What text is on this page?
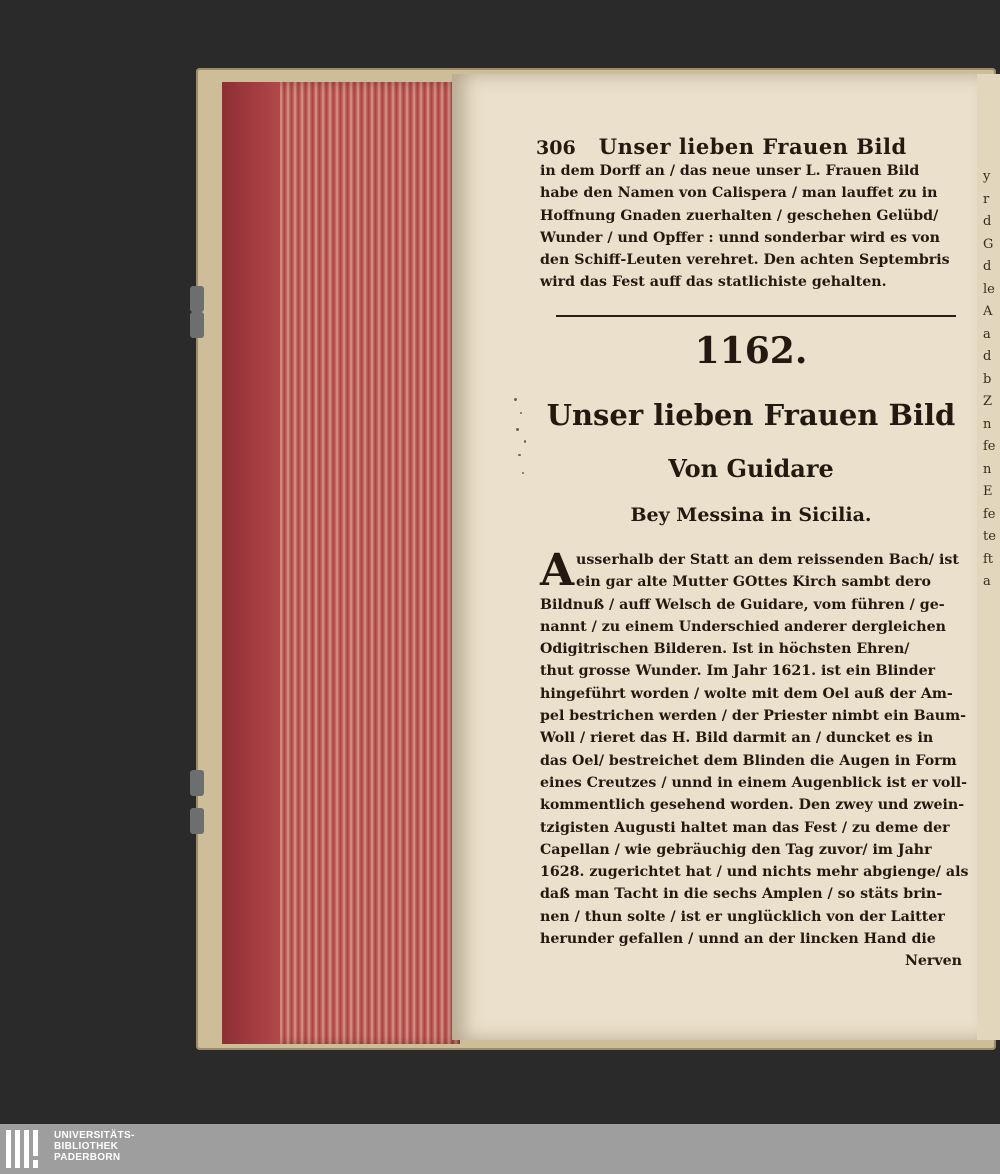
y
r
d
G
d
le
A
a
d
b
Z
n
fe
n
E
fe
te
ft
a
306 Unser lieben Frauen Bild
in dem Dorff an / das neue unser L. Frauen Bild
habe den Namen von Calispera / man lauffet zu in
Hoffnung Gnaden zuerhalten / geschehen Gelübd/
Wunder / und Opffer : unnd sonderbar wird es von
den Schiff-Leuten verehret. Den achten Septembris
wird das Fest auff das statlichiste gehalten.
1162.
Unser lieben Frauen Bild
Von Guidare
Bey Messina in Sicilia.
A usserhalb der Statt an dem reissenden Bach/ ist
ein gar alte Mutter GOttes Kirch sambt dero
Bildnuß / auff Welsch de Guidare, vom führen / ge-
nannt / zu einem Underschied anderer dergleichen
Odigitrischen Bilderen. Ist in höchsten Ehren/
thut grosse Wunder. Im Jahr 1621. ist ein Blinder
hingeführt worden / wolte mit dem Oel auß der Am-
pel bestrichen werden / der Priester nimbt ein Baum-
Woll / rieret das H. Bild darmit an / duncket es in
das Oel/ bestreichet dem Blinden die Augen in Form
eines Creutzes / unnd in einem Augenblick ist er voll-
kommentlich gesehend worden. Den zwey und zwein-
tzigisten Augusti haltet man das Fest / zu deme der
Capellan / wie gebräuchig den Tag zuvor/ im Jahr
1628. zugerichtet hat / und nichts mehr abgienge/ als
daß man Tacht in die sechs Amplen / so stäts brin-
nen / thun solte / ist er unglücklich von der Laitter
herunder gefallen / unnd an der lincken Hand die
Nerven
UNIVERSITÄTS-
BIBLIOTHEK
PADERBORN
